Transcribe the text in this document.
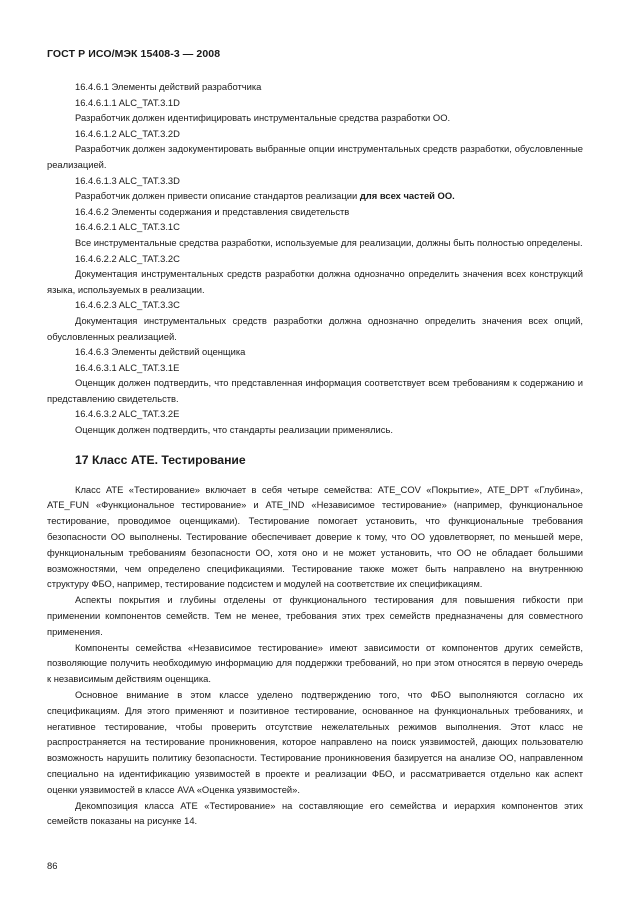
ГОСТ Р ИСО/МЭК 15408-3 — 2008

16.4.6.1 Элементы действий разработчика

16.4.6.1.1 ALC_TAT.3.1D

Разработчик должен идентифицировать инструментальные средства разработки ОО.

16.4.6.1.2 ALC_TAT.3.2D

Разработчик должен задокументировать выбранные опции инструментальных средств разработки, обусловленные реализацией.

16.4.6.1.3 ALC_TAT.3.3D

Разработчик должен привести описание стандартов реализации для всех частей ОО.

16.4.6.2 Элементы содержания и представления свидетельств

16.4.6.2.1 ALC_TAT.3.1C

Все инструментальные средства разработки, используемые для реализации, должны быть полностью определены.

16.4.6.2.2 ALC_TAT.3.2C

Документация инструментальных средств разработки должна однозначно определить значения всех конструкций языка, используемых в реализации.

16.4.6.2.3 ALC_TAT.3.3C

Документация инструментальных средств разработки должна однозначно определить значения всех опций, обусловленных реализацией.

16.4.6.3 Элементы действий оценщика

16.4.6.3.1 ALC_TAT.3.1E

Оценщик должен подтвердить, что представленная информация соответствует всем требованиям к содержанию и представлению свидетельств.

16.4.6.3.2 ALC_TAT.3.2E

Оценщик должен подтвердить, что стандарты реализации применялись.

17 Класс АТЕ. Тестирование

Класс АТЕ «Тестирование» включает в себя четыре семейства: ATE_COV «Покрытие», ATE_DPT «Глубина», ATE_FUN «Функциональное тестирование» и ATE_IND «Независимое тестирование» (например, функциональное тестирование, проводимое оценщиками). Тестирование помогает установить, что функциональные требования безопасности ОО выполнены. Тестирование обеспечивает доверие к тому, что ОО удовлетворяет, по меньшей мере, функциональным требованиям безопасности ОО, хотя оно и не может установить, что ОО не обладает большими возможностями, чем определено спецификациями. Тестирование также может быть направлено на внутреннюю структуру ФБО, например, тестирование подсистем и модулей на соответствие их спецификациям.

Аспекты покрытия и глубины отделены от функционального тестирования для повышения гибкости при применении компонентов семейств. Тем не менее, требования этих трех семейств предназначены для совместного применения.

Компоненты семейства «Независимое тестирование» имеют зависимости от компонентов других семейств, позволяющие получить необходимую информацию для поддержки требований, но при этом относятся в первую очередь к независимым действиям оценщика.

Основное внимание в этом классе уделено подтверждению того, что ФБО выполняются согласно их спецификациям. Для этого применяют и позитивное тестирование, основанное на функциональных требованиях, и негативное тестирование, чтобы проверить отсутствие нежелательных режимов выполнения. Этот класс не распространяется на тестирование проникновения, которое направлено на поиск уязвимостей, дающих пользователю возможность нарушить политику безопасности. Тестирование проникновения базируется на анализе ОО, направленном специально на идентификацию уязвимостей в проекте и реализации ФБО, и рассматривается отдельно как аспект оценки уязвимостей в классе AVA «Оценка уязвимостей».

Декомпозиция класса АТЕ «Тестирование» на составляющие его семейства и иерархия компонентов этих семейств показаны на рисунке 14.

86
